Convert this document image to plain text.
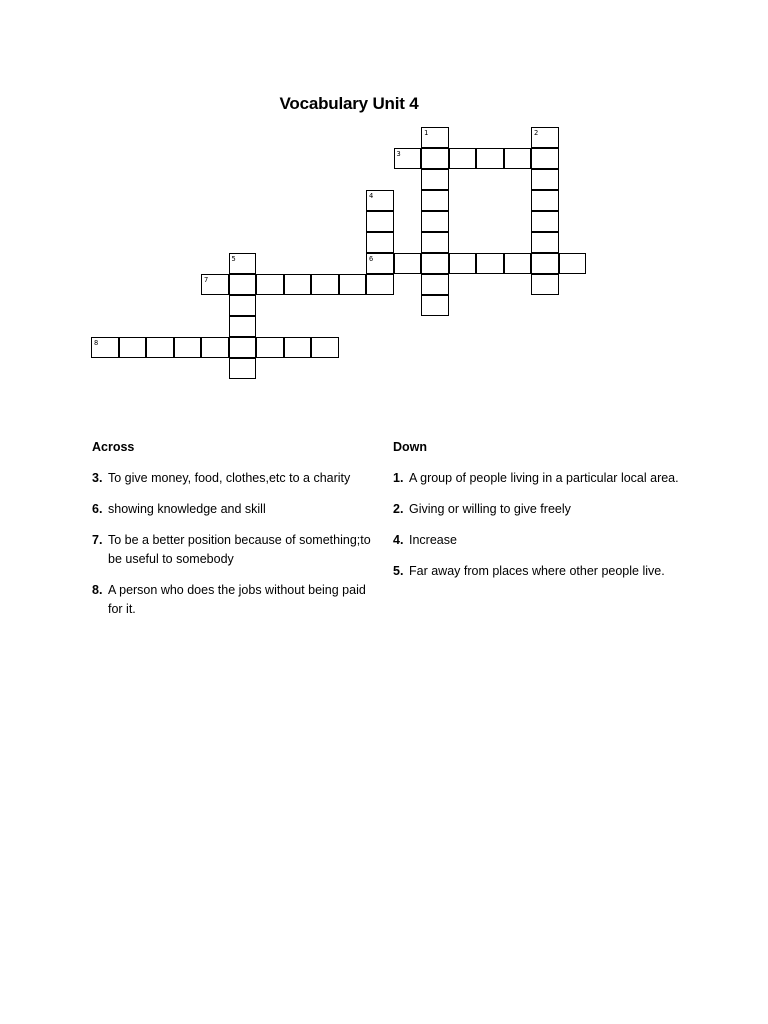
Vocabulary Unit 4
1	2
3
4
6
5
7
8
Across
3. To give money, food, clothes,etc to a charity
6. showing knowledge and skill
7. To be a better position because of something;to be useful to somebody
8. A person who does the jobs without being paid for it.
Down
1. A group of people living in a particular local area.
2. Giving or willing to give freely
4. Increase
5. Far away from places where other people live.
